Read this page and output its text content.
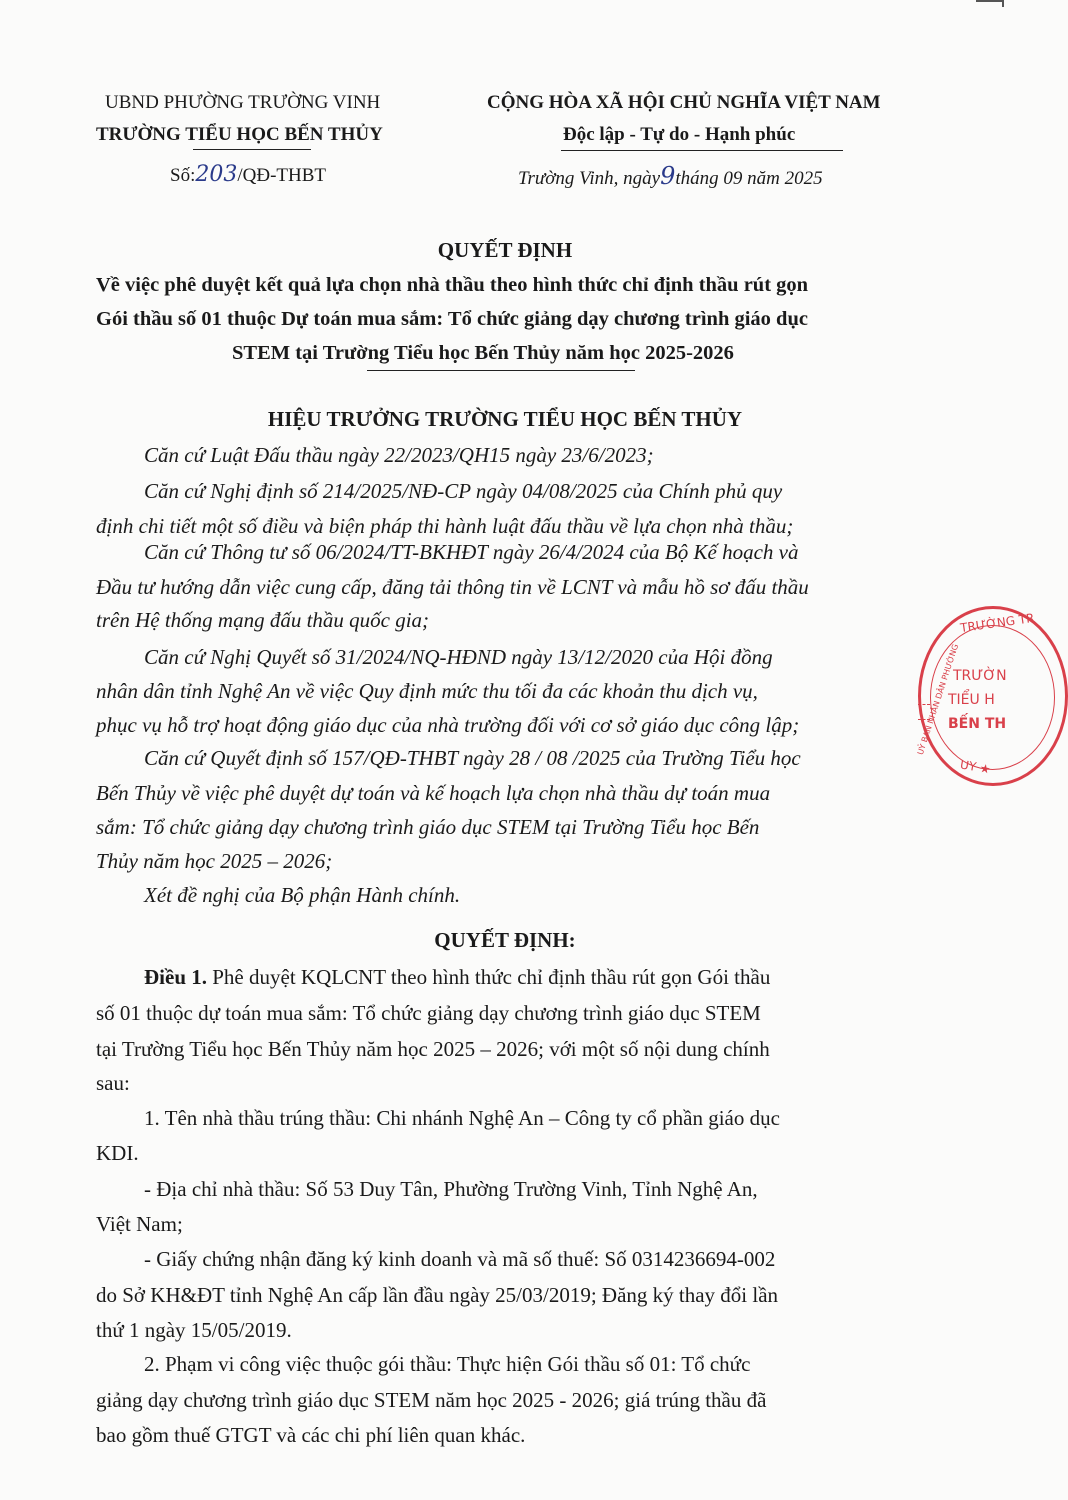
UBND PHƯỜNG TRƯỜNG VINH
TRƯỜNG TIỂU HỌC BẾN THỦY
Số:203/QĐ-THBT
CỘNG HÒA XÃ HỘI CHỦ NGHĨA VIỆT NAM
Độc lập - Tự do - Hạnh phúc
Trường Vinh, ngày9tháng 09 năm 2025
QUYẾT ĐỊNH
Về việc phê duyệt kết quả lựa chọn nhà thầu theo hình thức chỉ định thầu rút gọn
Gói thầu số 01 thuộc Dự toán mua sắm: Tổ chức giảng dạy chương trình giáo dục
STEM tại Trường Tiểu học Bến Thủy năm học 2025-2026
HIỆU TRƯỞNG TRƯỜNG TIỂU HỌC BẾN THỦY
Căn cứ Luật Đấu thầu ngày 22/2023/QH15 ngày 23/6/2023;
Căn cứ Nghị định số 214/2025/NĐ-CP ngày 04/08/2025 của Chính phủ quy
định chi tiết một số điều và biện pháp thi hành luật đấu thầu về lựa chọn nhà thầu;
Căn cứ Thông tư số 06/2024/TT-BKHĐT ngày 26/4/2024 của Bộ Kế hoạch và
Đầu tư hướng dẫn việc cung cấp, đăng tải thông tin về LCNT và mẫu hồ sơ đấu thầu
trên Hệ thống mạng đấu thầu quốc gia;
Căn cứ Nghị Quyết số 31/2024/NQ-HĐND ngày 13/12/2020 của Hội đồng
nhân dân tỉnh Nghệ An về việc Quy định mức thu tối đa các khoản thu dịch vụ,
phục vụ hỗ trợ hoạt động giáo dục của nhà trường đối với cơ sở giáo dục công lập;
Căn cứ Quyết định số 157/QĐ-THBT ngày 28 / 08 /2025 của Trường Tiểu học
Bến Thủy về việc phê duyệt dự toán và kế hoạch lựa chọn nhà thầu dự toán mua
sắm: Tổ chức giảng dạy chương trình giáo dục STEM tại Trường Tiểu học Bến
Thủy năm học 2025 – 2026;
Xét đề nghị của Bộ phận Hành chính.
QUYẾT ĐỊNH:
Điều 1. Phê duyệt KQLCNT theo hình thức chỉ định thầu rút gọn Gói thầu
số 01 thuộc dự toán mua sắm: Tổ chức giảng dạy chương trình giáo dục STEM
tại Trường Tiểu học Bến Thủy năm học 2025 – 2026; với một số nội dung chính
sau:
1. Tên nhà thầu trúng thầu: Chi nhánh Nghệ An – Công ty cổ phần giáo dục
KDI.
- Địa chỉ nhà thầu: Số 53 Duy Tân, Phường Trường Vinh, Tỉnh Nghệ An,
Việt Nam;
- Giấy chứng nhận đăng ký kinh doanh và mã số thuế: Số 0314236694-002
do Sở KH&ĐT tỉnh Nghệ An cấp lần đầu ngày 25/03/2019; Đăng ký thay đổi lần
thứ 1 ngày 15/05/2019.
2. Phạm vi công việc thuộc gói thầu: Thực hiện Gói thầu số 01: Tổ chức
giảng dạy chương trình giáo dục STEM năm học 2025 - 2026; giá trúng thầu đã
bao gồm thuế GTGT và các chi phí liên quan khác.
TRƯỜNG TR
TRƯỜN
TIỂU H
BẾN TH
UỶ BAN NHÂN DÂN PHƯỜNG
UY ★
